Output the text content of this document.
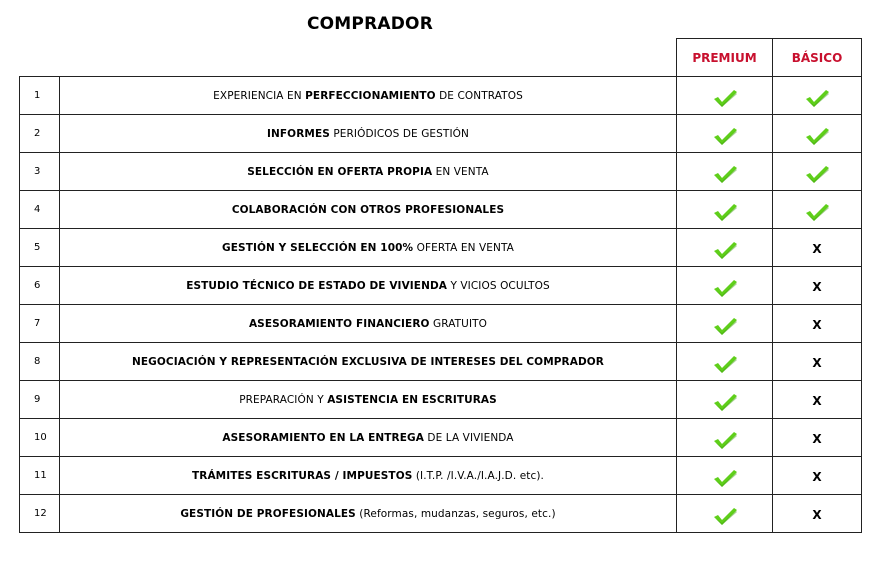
COMPRADOR
		PREMIUM	BÁSICO
1	EXPERIENCIA EN PERFECCIONAMIENTO DE CONTRATOS		
2	INFORMES PERIÓDICOS DE GESTIÓN		
3	SELECCIÓN EN OFERTA PROPIA EN VENTA		
4	COLABORACIÓN CON OTROS PROFESIONALES		
5	GESTIÓN Y SELECCIÓN EN 100% OFERTA EN VENTA		X
6	ESTUDIO TÉCNICO DE ESTADO DE VIVIENDA Y VICIOS OCULTOS		X
7	ASESORAMIENTO FINANCIERO GRATUITO		X
8	NEGOCIACIÓN Y REPRESENTACIÓN EXCLUSIVA DE INTERESES DEL COMPRADOR		X
9	PREPARACIÓN Y ASISTENCIA EN ESCRITURAS		X
10	ASESORAMIENTO EN LA ENTREGA DE LA VIVIENDA		X
11	TRÁMITES ESCRITURAS / IMPUESTOS (I.T.P. /I.V.A./I.A.J.D. etc).		X
12	GESTIÓN DE PROFESIONALES (Reformas, mudanzas, seguros, etc.)		X
